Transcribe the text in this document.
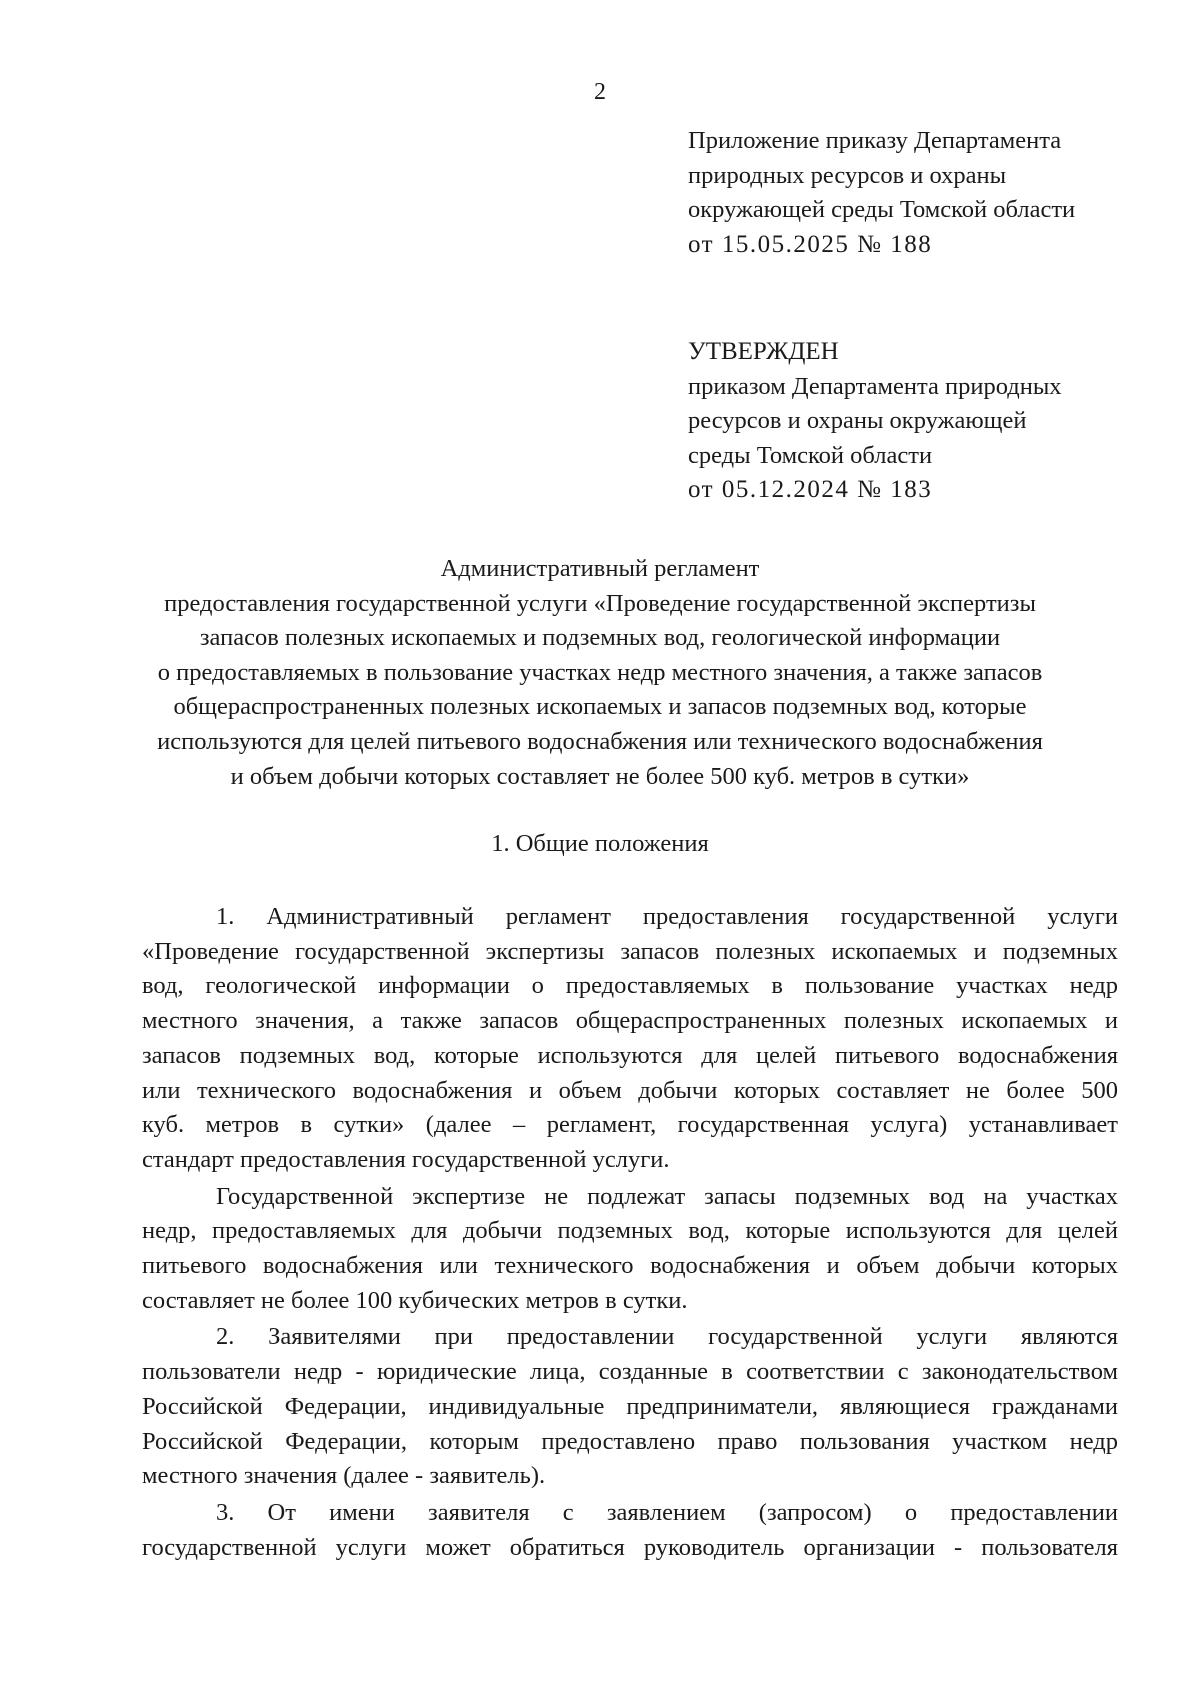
2
Приложение приказу Департамента
природных ресурсов и охраны
окружающей среды Томской области
от 15.05.2025 № 188
УТВЕРЖДЕН
приказом Департамента природных
ресурсов и охраны окружающей
среды Томской области
от 05.12.2024 № 183
Административный регламент
предоставления государственной услуги «Проведение государственной экспертизы
запасов полезных ископаемых и подземных вод, геологической информации
о предоставляемых в пользование участках недр местного значения, а также запасов
общераспространенных полезных ископаемых и запасов подземных вод, которые
используются для целей питьевого водоснабжения или технического водоснабжения
и объем добычи которых составляет не более 500 куб. метров в сутки»
1. Общие положения
1. Административный регламент предоставления государственной услуги
«Проведение государственной экспертизы запасов полезных ископаемых и подземных
вод, геологической информации о предоставляемых в пользование участках недр
местного значения, а также запасов общераспространенных полезных ископаемых и
запасов подземных вод, которые используются для целей питьевого водоснабжения
или технического водоснабжения и объем добычи которых составляет не более 500
куб. метров в сутки» (далее – регламент, государственная услуга) устанавливает
стандарт предоставления государственной услуги.
Государственной экспертизе не подлежат запасы подземных вод на участках
недр, предоставляемых для добычи подземных вод, которые используются для целей
питьевого водоснабжения или технического водоснабжения и объем добычи которых
составляет не более 100 кубических метров в сутки.
2. Заявителями при предоставлении государственной услуги являются
пользователи недр - юридические лица, созданные в соответствии с законодательством
Российской Федерации, индивидуальные предприниматели, являющиеся гражданами
Российской Федерации, которым предоставлено право пользования участком недр
местного значения (далее - заявитель).
3. От имени заявителя с заявлением (запросом) о предоставлении
государственной услуги может обратиться руководитель организации - пользователя
